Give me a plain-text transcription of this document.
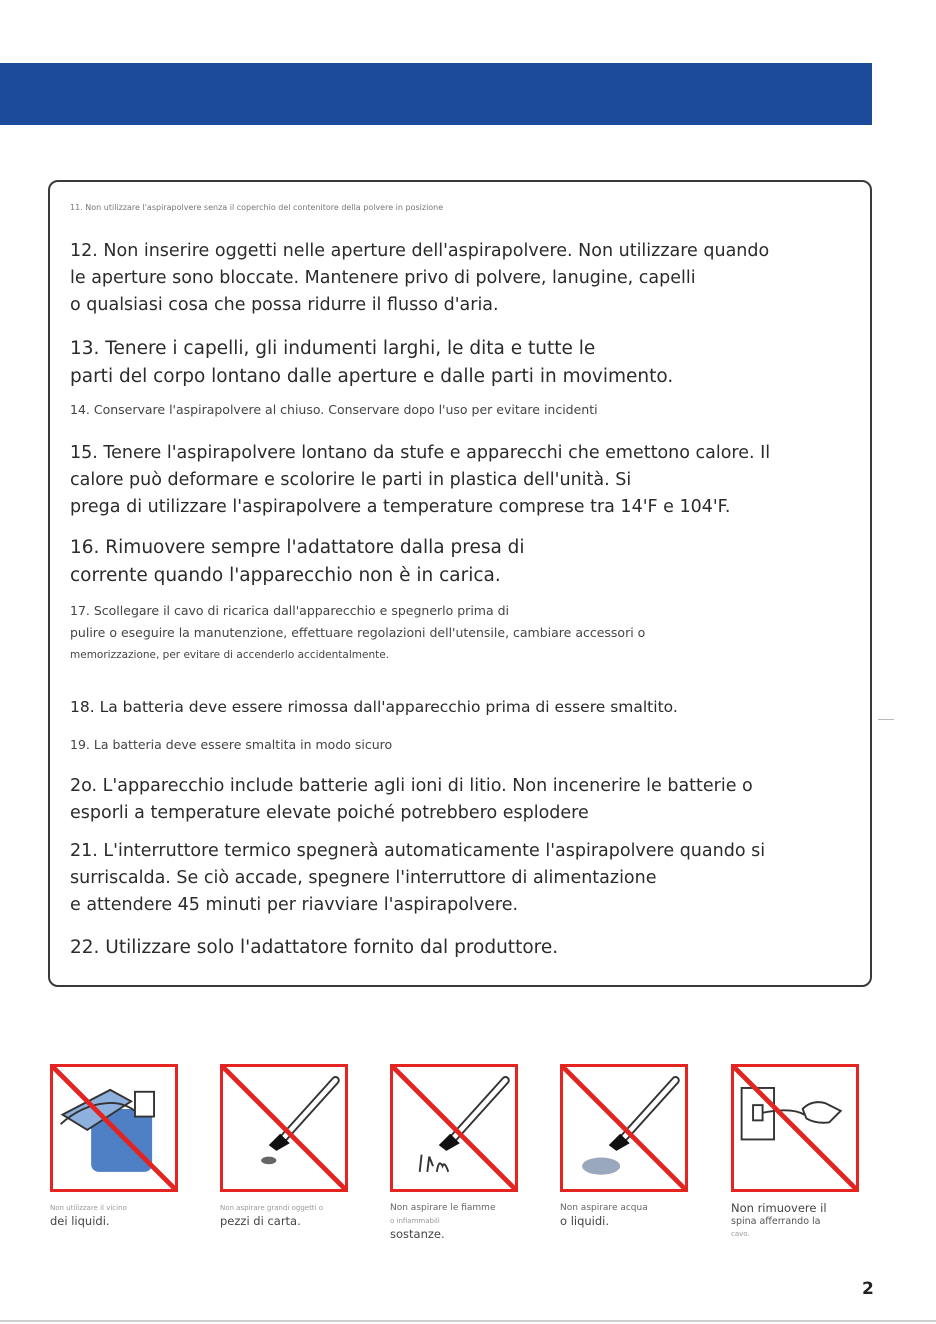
11. Non utilizzare l'aspirapolvere senza il coperchio del contenitore della polvere in posizione

12. Non inserire oggetti nelle aperture dell'aspirapolvere. Non utilizzare quando
le aperture sono bloccate. Mantenere privo di polvere, lanugine, capelli
o qualsiasi cosa che possa ridurre il flusso d'aria.

13. Tenere i capelli, gli indumenti larghi, le dita e tutte le
parti del corpo lontano dalle aperture e dalle parti in movimento.

14. Conservare l'aspirapolvere al chiuso. Conservare dopo l'uso per evitare incidenti

15. Tenere l'aspirapolvere lontano da stufe e apparecchi che emettono calore. Il
calore può deformare e scolorire le parti in plastica dell'unità. Si
prega di utilizzare l'aspirapolvere a temperature comprese tra 14'F e 104'F.

16. Rimuovere sempre l'adattatore dalla presa di
corrente quando l'apparecchio non è in carica.

17. Scollegare il cavo di ricarica dall'apparecchio e spegnerlo prima di
pulire o eseguire la manutenzione, effettuare regolazioni dell'utensile, cambiare accessori o
memorizzazione, per evitare di accenderlo accidentalmente.

18. La batteria deve essere rimossa dall'apparecchio prima di essere smaltito.

19. La batteria deve essere smaltita in modo sicuro

2o. L'apparecchio include batterie agli ioni di litio. Non incenerire le batterie o
esporli a temperature elevate poiché potrebbero esplodere

21. L'interruttore termico spegnerà automaticamente l'aspirapolvere quando si
surriscalda. Se ciò accade, spegnere l'interruttore di alimentazione
e attendere 45 minuti per riavviare l'aspirapolvere.

22. Utilizzare solo l'adattatore fornito dal produttore.

Non utilizzare il vicino
dei liquidi.
Non aspirare grandi oggetti o
pezzi di carta.
Non aspirare le fiamme
o infiammabili
sostanze.
Non aspirare acqua
o liquidi.
Non rimuovere il
spina afferrando la
cavo.
2
